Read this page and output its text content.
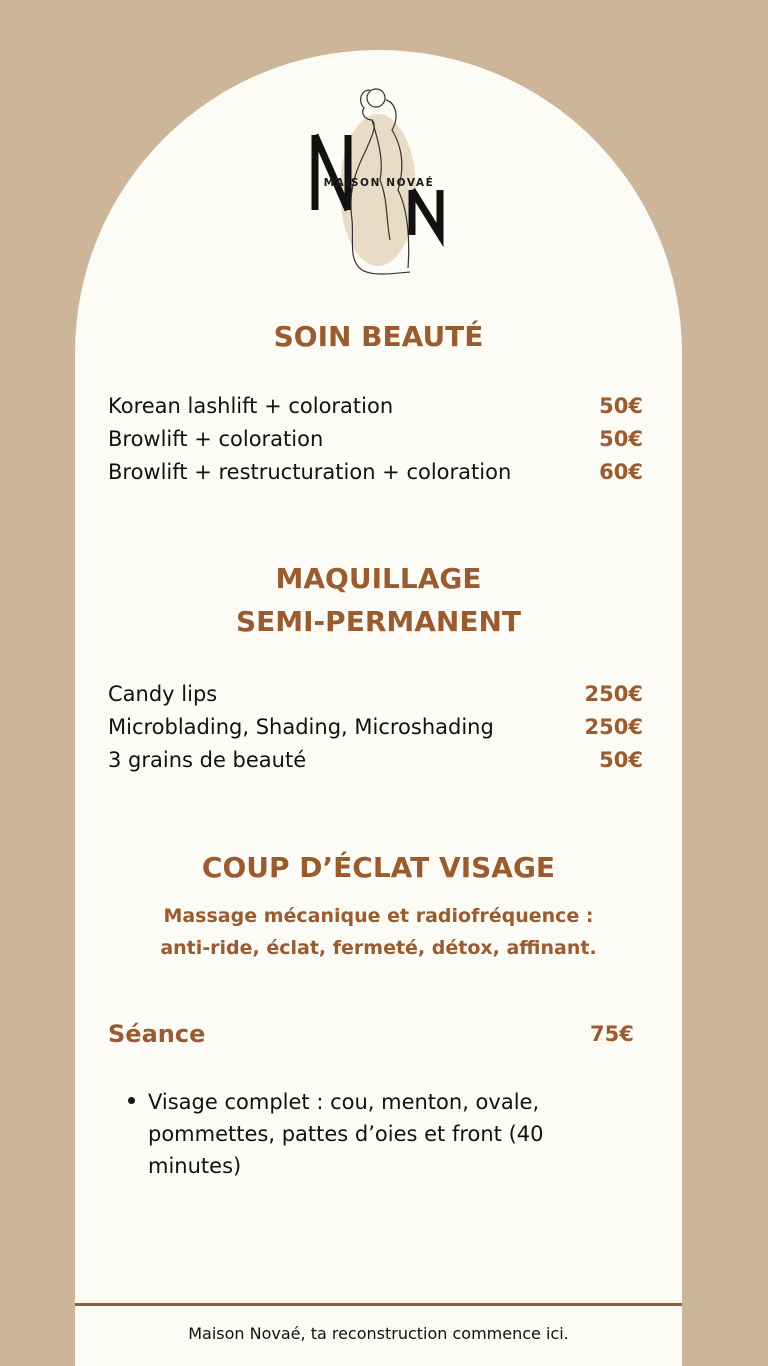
MAISON NOVAÉ
SOIN BEAUTÉ
Korean lashlift + coloration	50€
Browlift + coloration	50€
Browlift + restructuration + coloration	60€
MAQUILLAGE
SEMI-PERMANENT
Candy lips	250€
Microblading, Shading, Microshading	250€
3 grains de beauté	50€
COUP D’ÉCLAT VISAGE
Massage mécanique et radiofréquence :
anti-ride, éclat, fermeté, détox, affinant.
Séance	75€
Visage complet : cou, menton, ovale, pommettes, pattes d’oies et front (40 minutes)
Maison Novaé, ta reconstruction commence ici.
